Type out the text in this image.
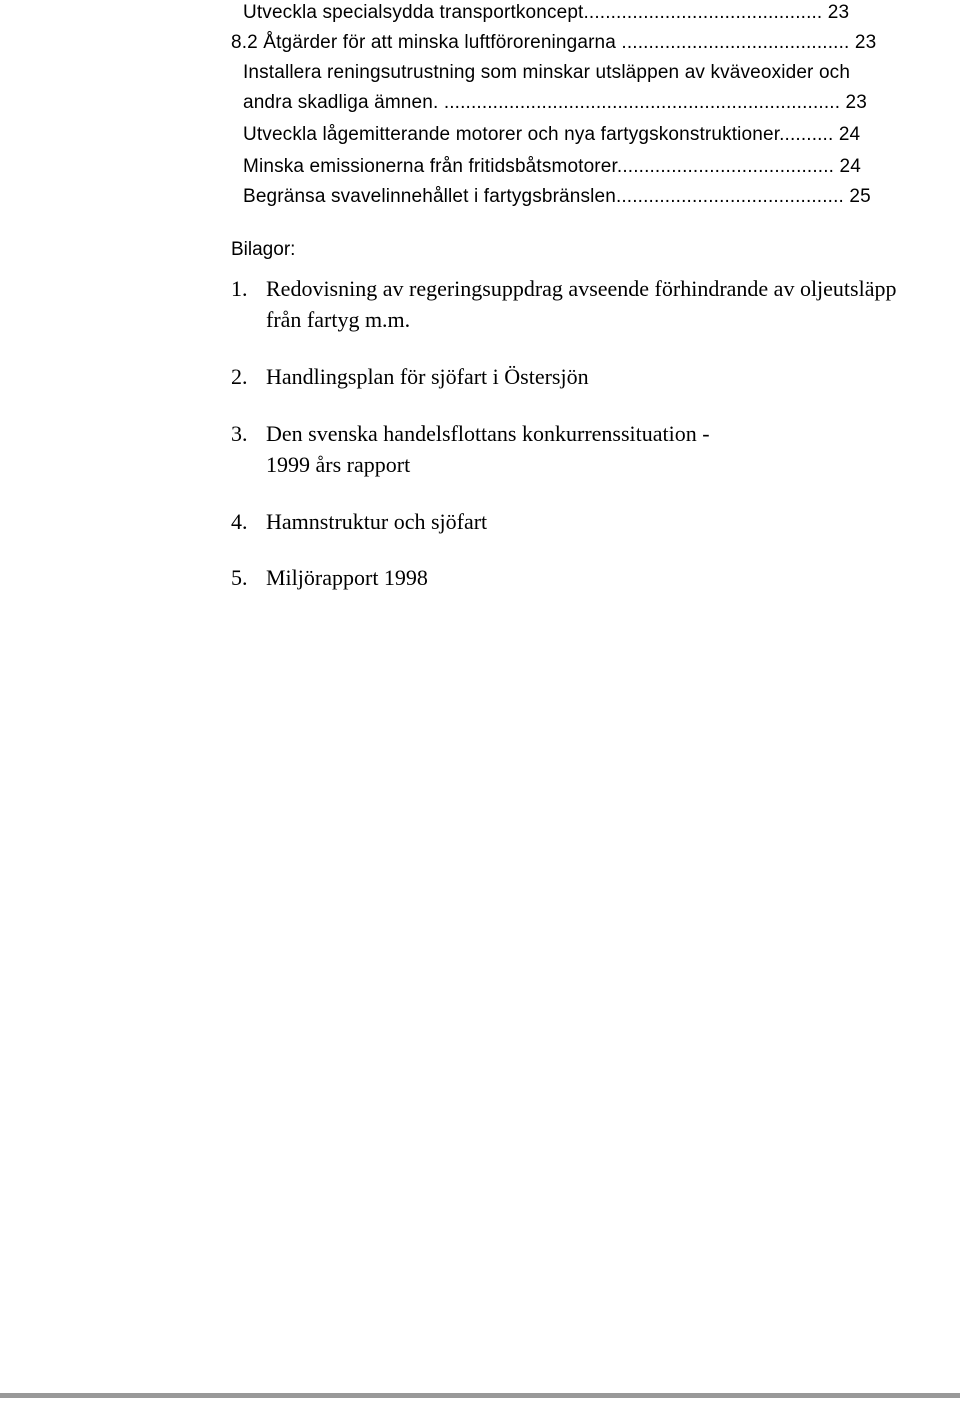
Utveckla specialsydda transportkoncept............................................ 23
8.2 Åtgärder för att minska luftföroreningarna .......................................... 23
Installera reningsutrustning som minskar utsläppen av kväveoxider och
andra skadliga ämnen. ......................................................................... 23
Utveckla lågemitterande motorer och nya fartygskonstruktioner.......... 24
Minska emissionerna från fritidsbåtsmotorer........................................ 24
Begränsa svavelinnehållet i fartygsbränslen.......................................... 25
Bilagor:
1. Redovisning av regeringsuppdrag avseende förhindrande av oljeutsläpp
från fartyg m.m.
2. Handlingsplan för sjöfart i Östersjön
3. Den svenska handelsflottans konkurrenssituation -
1999 års rapport
4. Hamnstruktur och sjöfart
5. Miljörapport 1998
